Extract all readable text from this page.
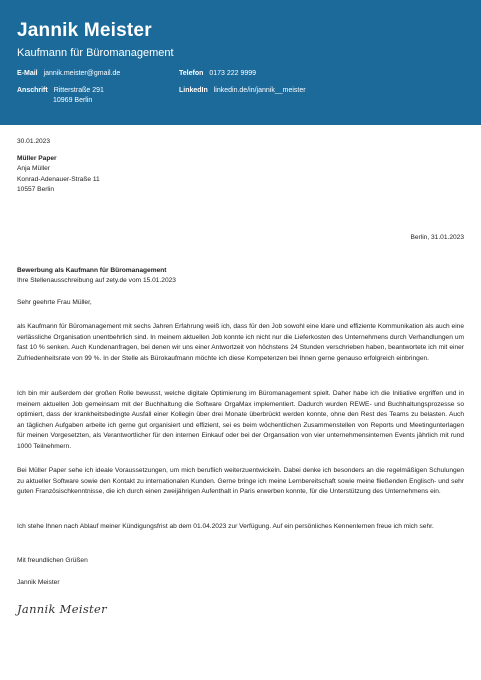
Jannik Meister
Kaufmann für Büromanagement
E-Mail jannik.meister@gmail.de	Telefon 0173 222 9999
Anschrift Ritterstraße 291
10969 Berlin
LinkedIn linkedin.de/in/jannik__meister
30.01.2023
Müller Paper
Anja Müller
Konrad-Adenauer-Straße 11
10557 Berlin
Berlin, 31.01.2023
Bewerbung als Kaufmann für Büromanagement
Ihre Stellenausschreibung auf zety.de vom 15.01.2023
Sehr geehrte Frau Müller,
als Kaufmann für Büromanagement mit sechs Jahren Erfahrung weiß ich, dass für den Job sowohl eine klare und effiziente Kommunikation als auch eine verlässliche Organisation unentbehrlich sind. In meinem aktuellen Job konnte ich nicht nur die Lieferkosten des Unternehmens durch Verhandlungen um fast 10 % senken. Auch Kundenanfragen, bei denen wir uns einer Antwortzeit von höchstens 24 Stunden verschrieben haben, beantwortete ich mit einer Zufriedenheitsrate von 99 %. In der Stelle als Bürokaufmann möchte ich diese Kompetenzen bei Ihnen gerne genauso erfolgreich einbringen.
Ich bin mir außerdem der großen Rolle bewusst, welche digitale Optimierung im Büromanagement spielt. Daher habe ich die Initiative ergriffen und in meinem aktuellen Job gemeinsam mit der Buchhaltung die Software OrgaMax implementiert. Dadurch wurden REWE- und Buchhaltungsprozesse so optimiert, dass der krankheitsbedingte Ausfall einer Kollegin über drei Monate überbrückt werden konnte, ohne den Rest des Teams zu belasten. Auch an täglichen Aufgaben arbeite ich gerne gut organisiert und effizient, sei es beim wöchentlichen Zusammenstellen von Reports und Meetingunterlagen für meinen Vorgesetzten, als Verantwortlicher für den internen Einkauf oder bei der Organsation von vier unternehmensinternen Events jährlich mit rund 1000 Teilnehmern.
Bei Müller Paper sehe ich ideale Voraussetzungen, um mich beruflich weiterzuentwickeln. Dabei denke ich besonders an die regelmäßigen Schulungen zu aktueller Software sowie den Kontakt zu internationalen Kunden. Gerne bringe ich meine Lernbereitschaft sowie meine fließenden Englisch- und sehr guten Französischkenntnisse, die ich durch einen zweijährigen Aufenthalt in Paris erwerben konnte, für die Unterstützung des Unternehmens ein.
Ich stehe Ihnen nach Ablauf meiner Kündigungsfrist ab dem 01.04.2023 zur Verfügung. Auf ein persönliches Kennenlernen freue ich mich sehr.
Mit freundlichen Grüßen
Jannik Meister
Jannik Meister
